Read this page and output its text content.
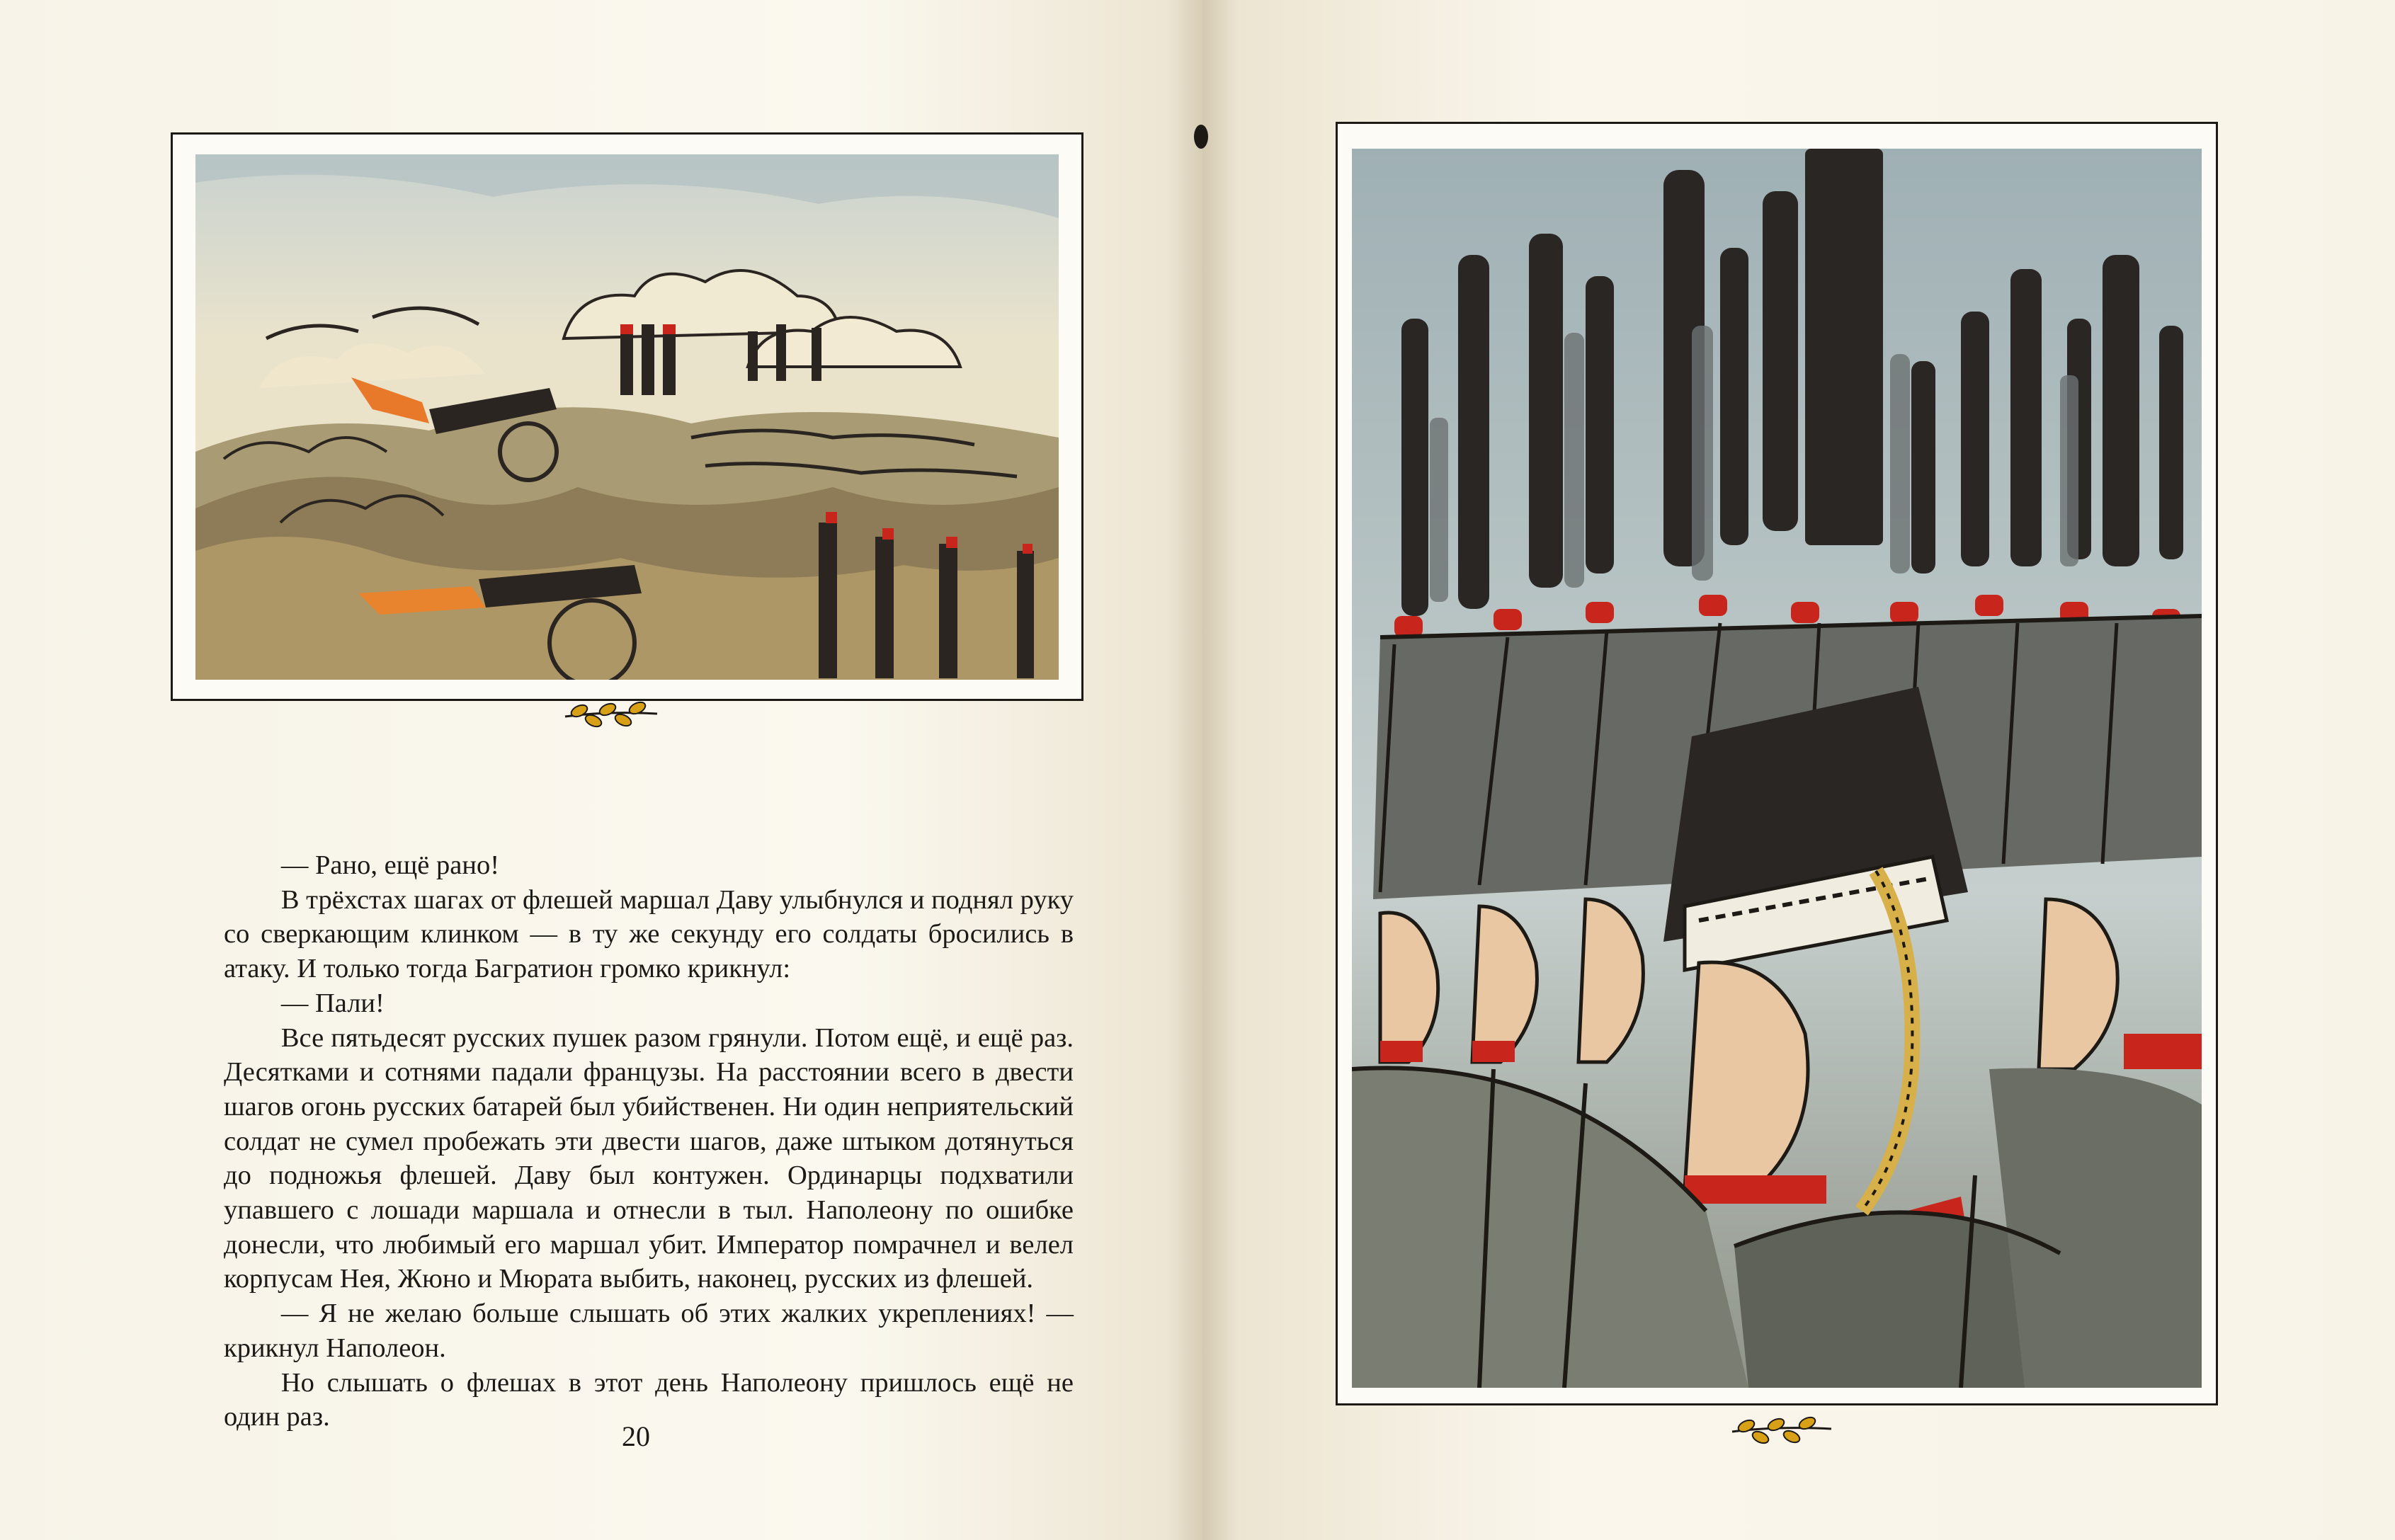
— Рано, ещё рано!

В трёхстах шагах от флешей маршал Даву улыбнулся и поднял руку со сверкающим клинком — в ту же секунду его солдаты бросились в атаку. И только тогда Багратион громко крикнул:

— Пали!

Все пятьдесят русских пушек разом грянули. Потом ещё, и ещё раз. Десятками и сотнями падали французы. На расстоянии всего в двести шагов огонь русских батарей был убийственен. Ни один неприятельский солдат не сумел пробежать эти двести шагов, даже штыком дотянуться до подножья флешей. Даву был контужен. Ординарцы подхватили упавшего с лошади маршала и отнесли в тыл. Наполеону по ошибке донесли, что любимый его маршал убит. Император помрачнел и велел корпусам Нея, Жюно и Мюрата выбить, наконец, русских из флешей.

— Я не желаю больше слышать об этих жалких укреплениях! — крикнул Наполеон.

Но слышать о флешах в этот день Наполеону пришлось ещё не один раз.

20
